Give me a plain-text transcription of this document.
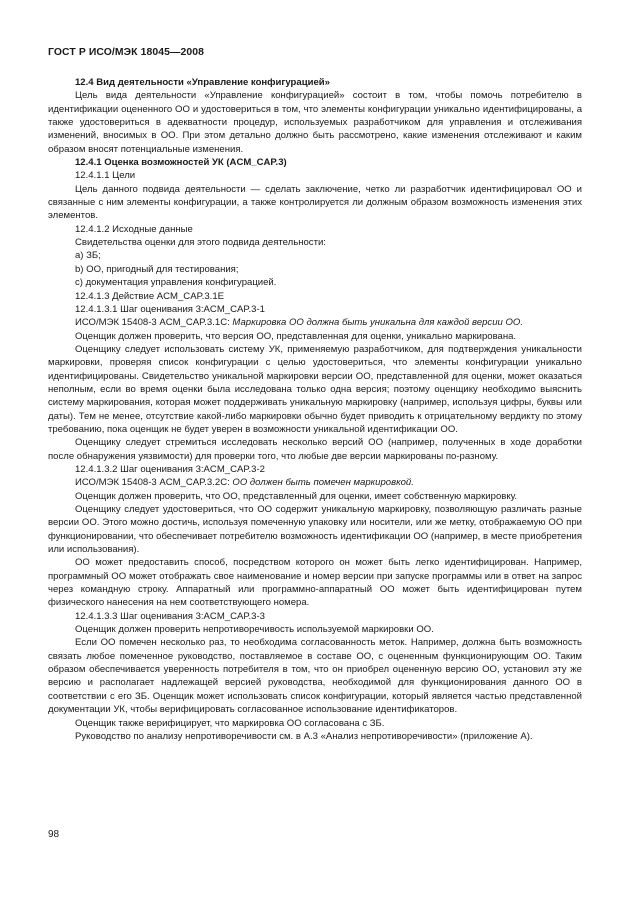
ГОСТ Р ИСО/МЭК 18045—2008

12.4 Вид деятельности «Управление конфигурацией»

Цель вида деятельности «Управление конфигурацией» состоит в том, чтобы помочь потребителю в идентификации оцененного ОО и удостовериться в том, что элементы конфигурации уникально идентифицированы, а также удостовериться в адекватности процедур, используемых разработчиком для управления и отслеживания изменений, вносимых в ОО. При этом детально должно быть рассмотрено, какие изменения отслеживают и каким образом вносят потенциальные изменения.

12.4.1 Оценка возможностей УК (ACM_CAP.3)

12.4.1.1 Цели

Цель данного подвида деятельности — сделать заключение, четко ли разработчик идентифицировал ОО и связанные с ним элементы конфигурации, а также контролируется ли должным образом возможность изменения этих элементов.

12.4.1.2 Исходные данные

Свидетельства оценки для этого подвида деятельности:

а) ЗБ;

b) ОО, пригодный для тестирования;

с) документация управления конфигурацией.

12.4.1.3 Действие ACM_CAP.3.1E

12.4.1.3.1 Шаг оценивания 3:ACM_CAP.3-1

ИСО/МЭК 15408-3 ACM_CAP.3.1C: Маркировка ОО должна быть уникальна для каждой версии ОО.

Оценщик должен проверить, что версия ОО, представленная для оценки, уникально маркирована.

Оценщику следует использовать систему УК, применяемую разработчиком, для подтверждения уникальности маркировки, проверяя список конфигурации с целью удостовериться, что элементы конфигурации уникально идентифицированы. Свидетельство уникальной маркировки версии ОО, представленной для оценки, может оказаться неполным, если во время оценки была исследована только одна версия; поэтому оценщику необходимо выяснить систему маркирования, которая может поддерживать уникальную маркировку (например, используя цифры, буквы или даты). Тем не менее, отсутствие какой-либо маркировки обычно будет приводить к отрицательному вердикту по этому требованию, пока оценщик не будет уверен в возможности уникальной идентификации ОО.

Оценщику следует стремиться исследовать несколько версий ОО (например, полученных в ходе доработки после обнаружения уязвимости) для проверки того, что любые две версии маркированы по-разному.

12.4.1.3.2 Шаг оценивания 3:ACM_CAP.3-2

ИСО/МЭК 15408-3 ACM_CAP.3.2C: ОО должен быть помечен маркировкой.

Оценщик должен проверить, что ОО, представленный для оценки, имеет собственную маркировку.

Оценщику следует удостовериться, что ОО содержит уникальную маркировку, позволяющую различать разные версии ОО. Этого можно достичь, используя помеченную упаковку или носители, или же метку, отображаемую ОО при функционировании, что обеспечивает потребителю возможность идентификации ОО (например, в месте приобретения или использования).

ОО может предоставить способ, посредством которого он может быть легко идентифицирован. Например, программный ОО может отображать свое наименование и номер версии при запуске программы или в ответ на запрос через командную строку. Аппаратный или программно-аппаратный ОО может быть идентифицирован путем физического нанесения на нем соответствующего номера.

12.4.1.3.3 Шаг оценивания 3:ACM_CAP.3-3

Оценщик должен проверить непротиворечивость используемой маркировки ОО.

Если ОО помечен несколько раз, то необходима согласованность меток. Например, должна быть возможность связать любое помеченное руководство, поставляемое в составе ОО, с оцененным функционирующим ОО. Таким образом обеспечивается уверенность потребителя в том, что он приобрел оцененную версию ОО, установил эту же версию и располагает надлежащей версией руководства, необходимой для функционирования данного ОО в соответствии с его ЗБ. Оценщик может использовать список конфигурации, который является частью представленной документации УК, чтобы верифицировать согласованное использование идентификаторов.

Оценщик также верифицирует, что маркировка ОО согласована с ЗБ.

Руководство по анализу непротиворечивости см. в А.3 «Анализ непротиворечивости» (приложение А).

98
